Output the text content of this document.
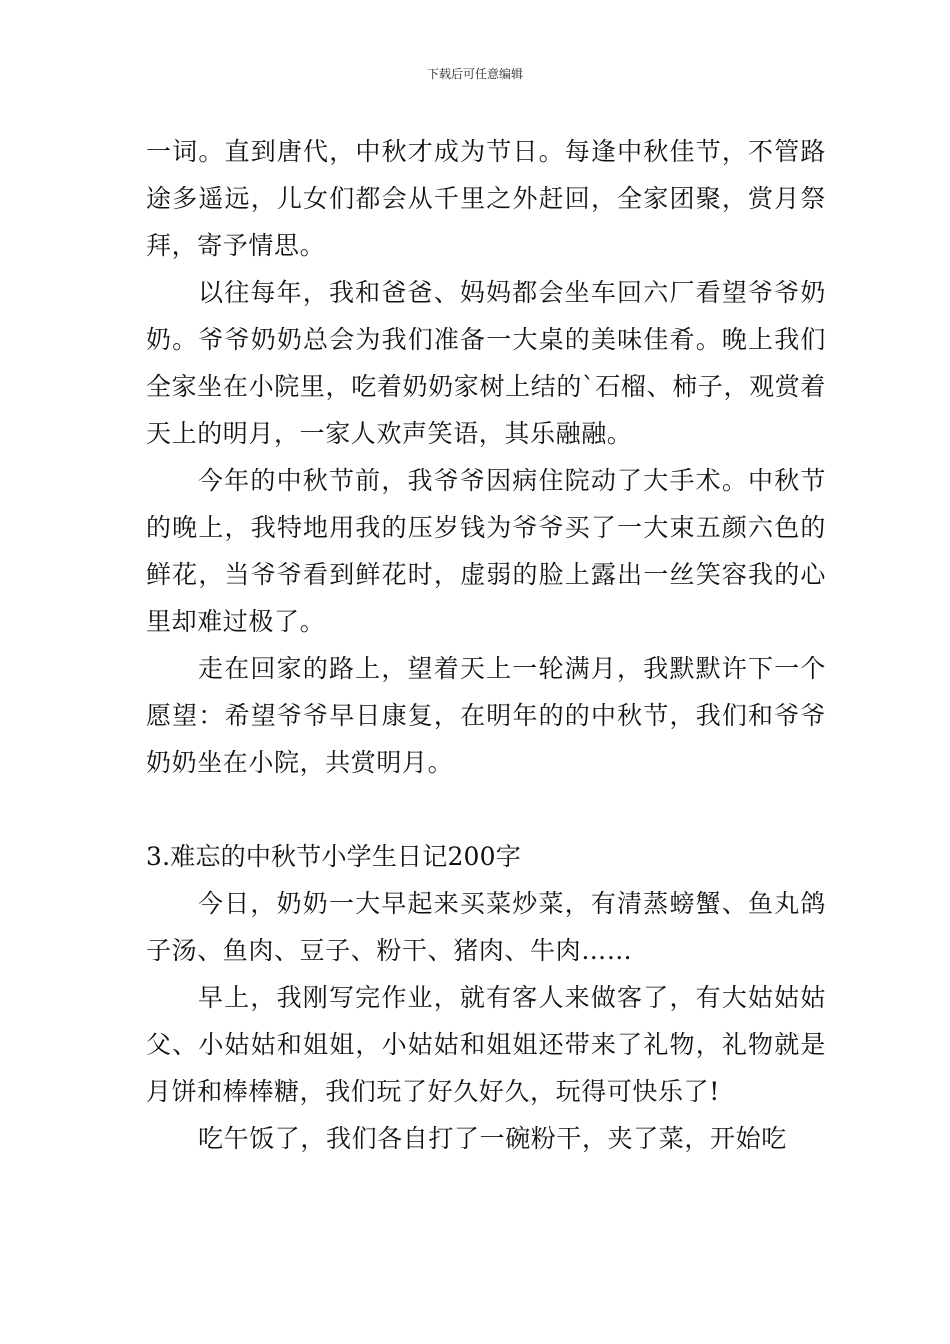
下载后可任意编辑

一词。直到唐代，中秋才成为节日。每逢中秋佳节，不管路途多遥远，儿女们都会从千里之外赶回，全家团聚，赏月祭拜，寄予情思。

以往每年，我和爸爸、妈妈都会坐车回六厂看望爷爷奶奶。爷爷奶奶总会为我们准备一大桌的美味佳肴。晚上我们全家坐在小院里，吃着奶奶家树上结的`石榴、柿子，观赏着天上的明月，一家人欢声笑语，其乐融融。

今年的中秋节前，我爷爷因病住院动了大手术。中秋节的晚上，我特地用我的压岁钱为爷爷买了一大束五颜六色的鲜花，当爷爷看到鲜花时，虚弱的脸上露出一丝笑容我的心里却难过极了。

走在回家的路上，望着天上一轮满月，我默默许下一个愿望：希望爷爷早日康复，在明年的的中秋节，我们和爷爷奶奶坐在小院，共赏明月。

3.难忘的中秋节小学生日记200字

今日，奶奶一大早起来买菜炒菜，有清蒸螃蟹、鱼丸鸽子汤、鱼肉、豆子、粉干、猪肉、牛肉……

早上，我刚写完作业，就有客人来做客了，有大姑姑姑父、小姑姑和姐姐，小姑姑和姐姐还带来了礼物，礼物就是月饼和棒棒糖，我们玩了好久好久，玩得可快乐了!

吃午饭了，我们各自打了一碗粉干，夹了菜，开始吃
